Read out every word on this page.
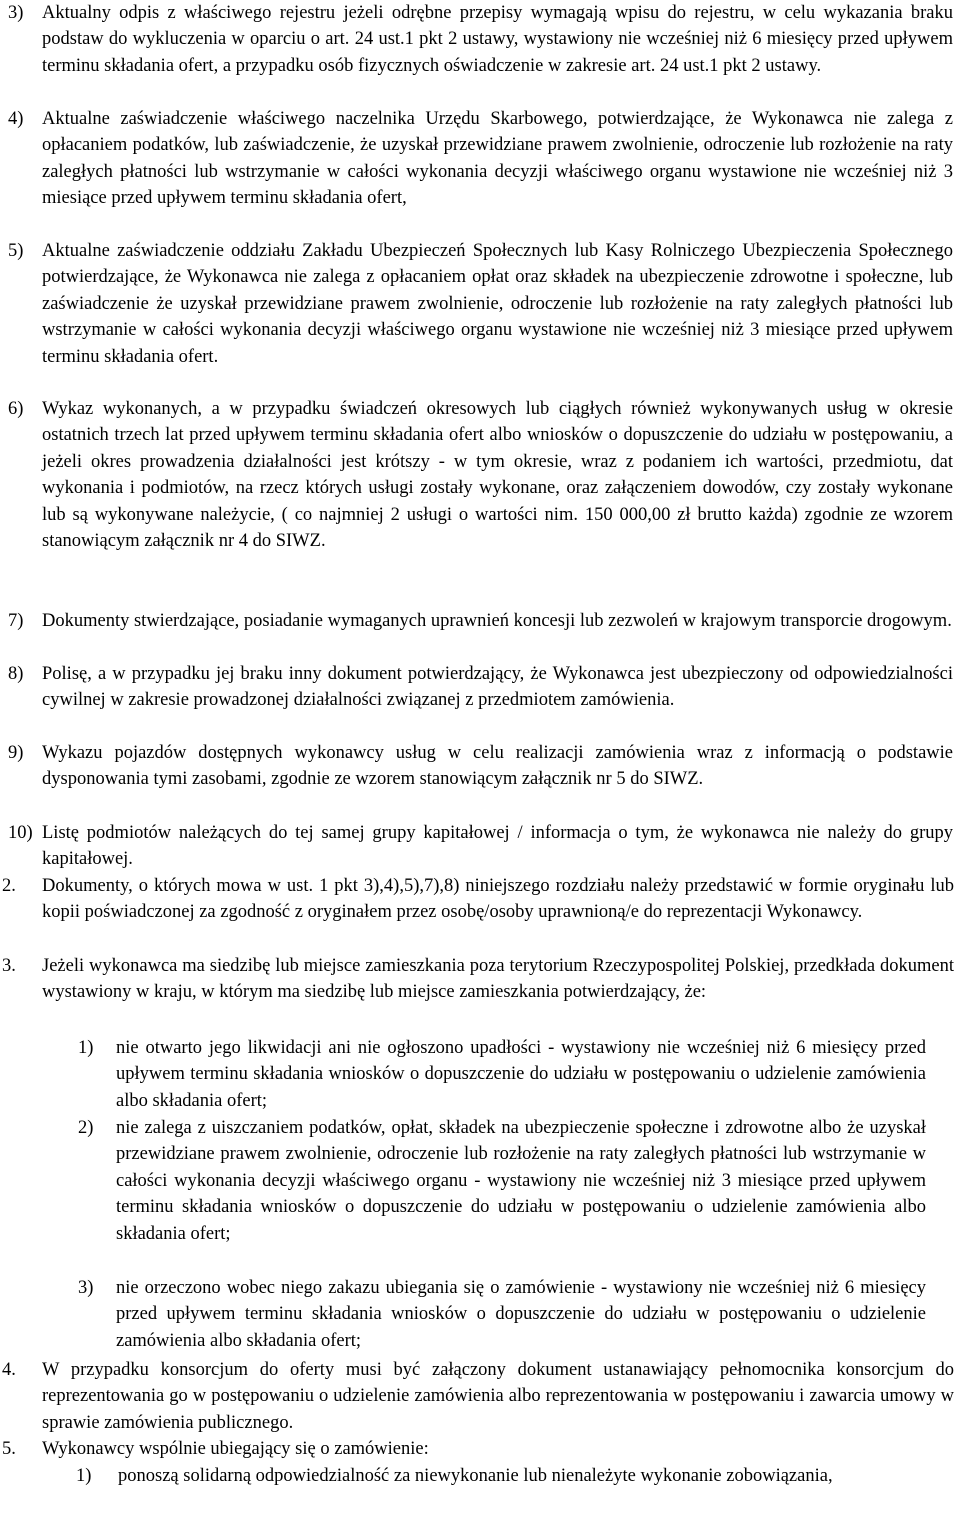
3) Aktualny odpis z właściwego rejestru jeżeli odrębne przepisy wymagają wpisu do rejestru, w celu wykazania braku podstaw do wykluczenia w oparciu o art. 24 ust.1 pkt 2 ustawy, wystawiony nie wcześniej niż 6 miesięcy przed upływem terminu składania ofert, a przypadku osób fizycznych oświadczenie w zakresie art. 24 ust.1 pkt 2 ustawy.
4) Aktualne zaświadczenie właściwego naczelnika Urzędu Skarbowego, potwierdzające, że Wykonawca nie zalega z opłacaniem podatków, lub zaświadczenie, że uzyskał przewidziane prawem zwolnienie, odroczenie lub rozłożenie na raty zaległych płatności lub wstrzymanie w całości wykonania decyzji właściwego organu wystawione nie wcześniej niż 3 miesiące przed upływem terminu składania ofert,
5) Aktualne zaświadczenie oddziału Zakładu Ubezpieczeń Społecznych lub Kasy Rolniczego Ubezpieczenia Społecznego potwierdzające, że Wykonawca nie zalega z opłacaniem opłat oraz składek na ubezpieczenie zdrowotne i społeczne, lub zaświadczenie że uzyskał przewidziane prawem zwolnienie, odroczenie lub rozłożenie na raty zaległych płatności lub wstrzymanie w całości wykonania decyzji właściwego organu wystawione nie wcześniej niż 3 miesiące przed upływem terminu składania ofert.
6) Wykaz wykonanych, a w przypadku świadczeń okresowych lub ciągłych również wykonywanych usług w okresie ostatnich trzech lat przed upływem terminu składania ofert albo wniosków o dopuszczenie do udziału w postępowaniu, a jeżeli okres prowadzenia działalności jest krótszy - w tym okresie, wraz z podaniem ich wartości, przedmiotu, dat wykonania i podmiotów, na rzecz których usługi zostały wykonane, oraz załączeniem dowodów, czy zostały wykonane lub są wykonywane należycie, ( co najmniej 2 usługi o wartości nim. 150 000,00 zł brutto każda) zgodnie ze wzorem stanowiącym załącznik nr 4 do SIWZ.
7) Dokumenty stwierdzające, posiadanie wymaganych uprawnień koncesji lub zezwoleń w krajowym transporcie drogowym.
8) Polisę, a w przypadku jej braku inny dokument potwierdzający, że Wykonawca jest ubezpieczony od odpowiedzialności cywilnej w zakresie prowadzonej działalności związanej z przedmiotem zamówienia.
9) Wykazu pojazdów dostępnych wykonawcy usług w celu realizacji zamówienia wraz z informacją o podstawie dysponowania tymi zasobami, zgodnie ze wzorem stanowiącym załącznik nr 5 do SIWZ.
10) Listę podmiotów należących do tej samej grupy kapitałowej / informacja o tym, że wykonawca nie należy do grupy kapitałowej.
2. Dokumenty, o których mowa w ust. 1 pkt 3),4),5),7),8) niniejszego rozdziału należy przedstawić w formie oryginału lub kopii poświadczonej za zgodność z oryginałem przez osobę/osoby uprawnioną/e do reprezentacji Wykonawcy.
3. Jeżeli wykonawca ma siedzibę lub miejsce zamieszkania poza terytorium Rzeczypospolitej Polskiej, przedkłada dokument wystawiony w kraju, w którym ma siedzibę lub miejsce zamieszkania potwierdzający, że:
1) nie otwarto jego likwidacji ani nie ogłoszono upadłości - wystawiony nie wcześniej niż 6 miesięcy przed upływem terminu składania wniosków o dopuszczenie do udziału w postępowaniu o udzielenie zamówienia albo składania ofert;
2) nie zalega z uiszczaniem podatków, opłat, składek na ubezpieczenie społeczne i zdrowotne albo że uzyskał przewidziane prawem zwolnienie, odroczenie lub rozłożenie na raty zaległych płatności lub wstrzymanie w całości wykonania decyzji właściwego organu - wystawiony nie wcześniej niż 3 miesiące przed upływem terminu składania wniosków o dopuszczenie do udziału w postępowaniu o udzielenie zamówienia albo składania ofert;
3) nie orzeczono wobec niego zakazu ubiegania się o zamówienie - wystawiony nie wcześniej niż 6 miesięcy przed upływem terminu składania wniosków o dopuszczenie do udziału w postępowaniu o udzielenie zamówienia albo składania ofert;
4. W przypadku konsorcjum do oferty musi być załączony dokument ustanawiający pełnomocnika konsorcjum do reprezentowania go w postępowaniu o udzielenie zamówienia albo reprezentowania w postępowaniu i zawarcia umowy w sprawie zamówienia publicznego.
5. Wykonawcy wspólnie ubiegający się o zamówienie:
1) ponoszą solidarną odpowiedzialność za niewykonanie lub nienależyte wykonanie zobowiązania,
